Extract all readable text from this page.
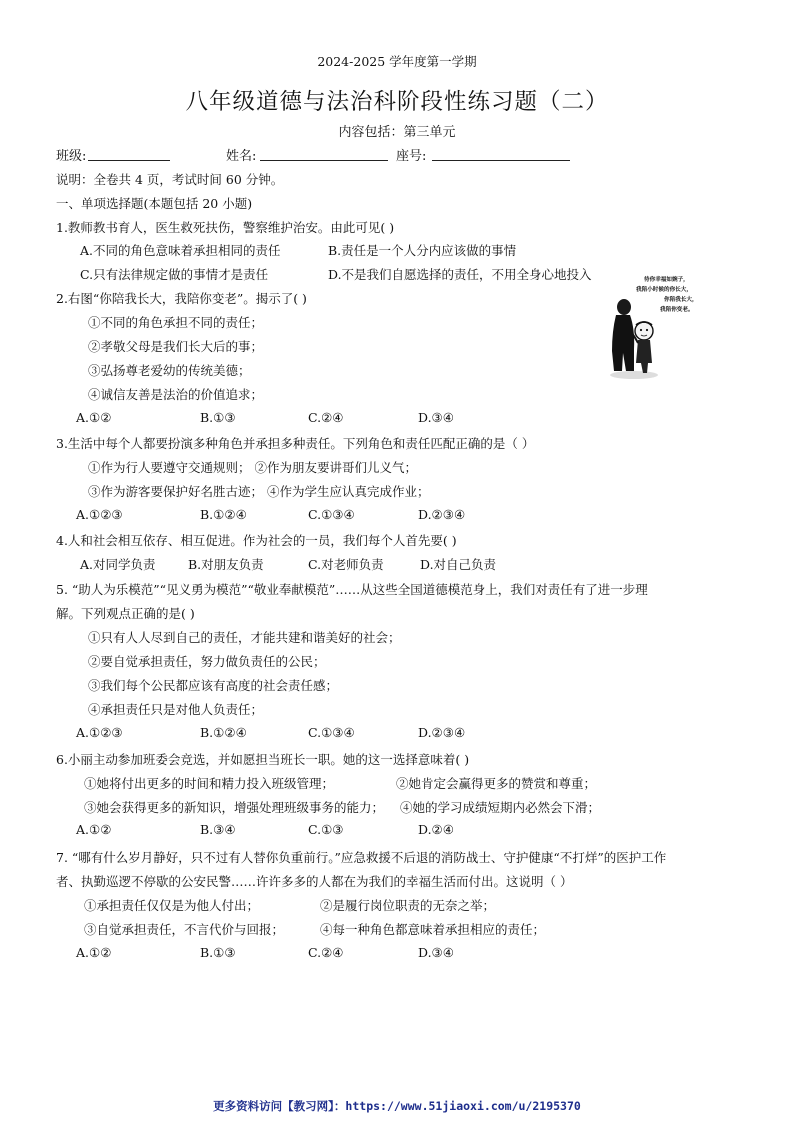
2024-2025 学年度第一学期
八年级道德与法治科阶段性练习题（二）
内容包括：第三单元
班级:	姓名:	座号:
说明：全卷共 4 页，考试时间 60 分钟。
一、单项选择题(本题包括 20 小题)
1.教师教书育人，医生救死扶伤，警察维护治安。由此可见( )
A.不同的角色意味着承担相同的责任	B.责任是一个人分内应该做的事情
C.只有法律规定做的事情才是责任	D.不是我们自愿选择的责任，不用全身心地投入
2.右图“你陪我长大，我陪你变老”。揭示了( )
①不同的角色承担不同的责任；
②孝敬父母是我们长大后的事；
③弘扬尊老爱幼的传统美德；
④诚信友善是法治的价值追求；
A.①②	B.①③	C.②④	D.③④
待你幸福如婉子，
我陪小时候的你长大，
你陪我长大，
我陪你变老。
3.生活中每个人都要扮演多种角色并承担多种责任。下列角色和责任匹配正确的是（ ）
①作为行人要遵守交通规则； ②作为朋友要讲哥们儿义气；
③作为游客要保护好名胜古迹； ④作为学生应认真完成作业；
A.①②③	B.①②④	C.①③④	D.②③④
4.人和社会相互依存、相互促进。作为社会的一员，我们每个人首先要( )
A.对同学负责	B.对朋友负责	C.对老师负责	D.对自己负责
5. “助人为乐模范”“见义勇为模范”“敬业奉献模范”……从这些全国道德模范身上，我们对责任有了进一步理
解。下列观点正确的是( )
①只有人人尽到自己的责任，才能共建和谐美好的社会；
②要自觉承担责任，努力做负责任的公民；
③我们每个公民都应该有高度的社会责任感；
④承担责任只是对他人负责任；
A.①②③	B.①②④	C.①③④	D.②③④
6.小丽主动参加班委会竞选，并如愿担当班长一职。她的这一选择意味着( )
①她将付出更多的时间和精力投入班级管理；	②她肯定会赢得更多的赞赏和尊重；
③她会获得更多的新知识，增强处理班级事务的能力； ④她的学习成绩短期内必然会下滑；
A.①②	B.③④	C.①③	D.②④
7. “哪有什么岁月静好，只不过有人替你负重前行。”应急救援不后退的消防战士、守护健康“不打烊”的医护工作
者、执勤巡逻不停歇的公安民警……许许多多的人都在为我们的幸福生活而付出。这说明（ ）
①承担责任仅仅是为他人付出；	②是履行岗位职责的无奈之举；
③自觉承担责任，不言代价与回报；	④每一种角色都意味着承担相应的责任；
A.①②	B.①③	C.②④	D.③④
更多资料访问【教习网】：https://www.51jiaoxi.com/u/2195370
